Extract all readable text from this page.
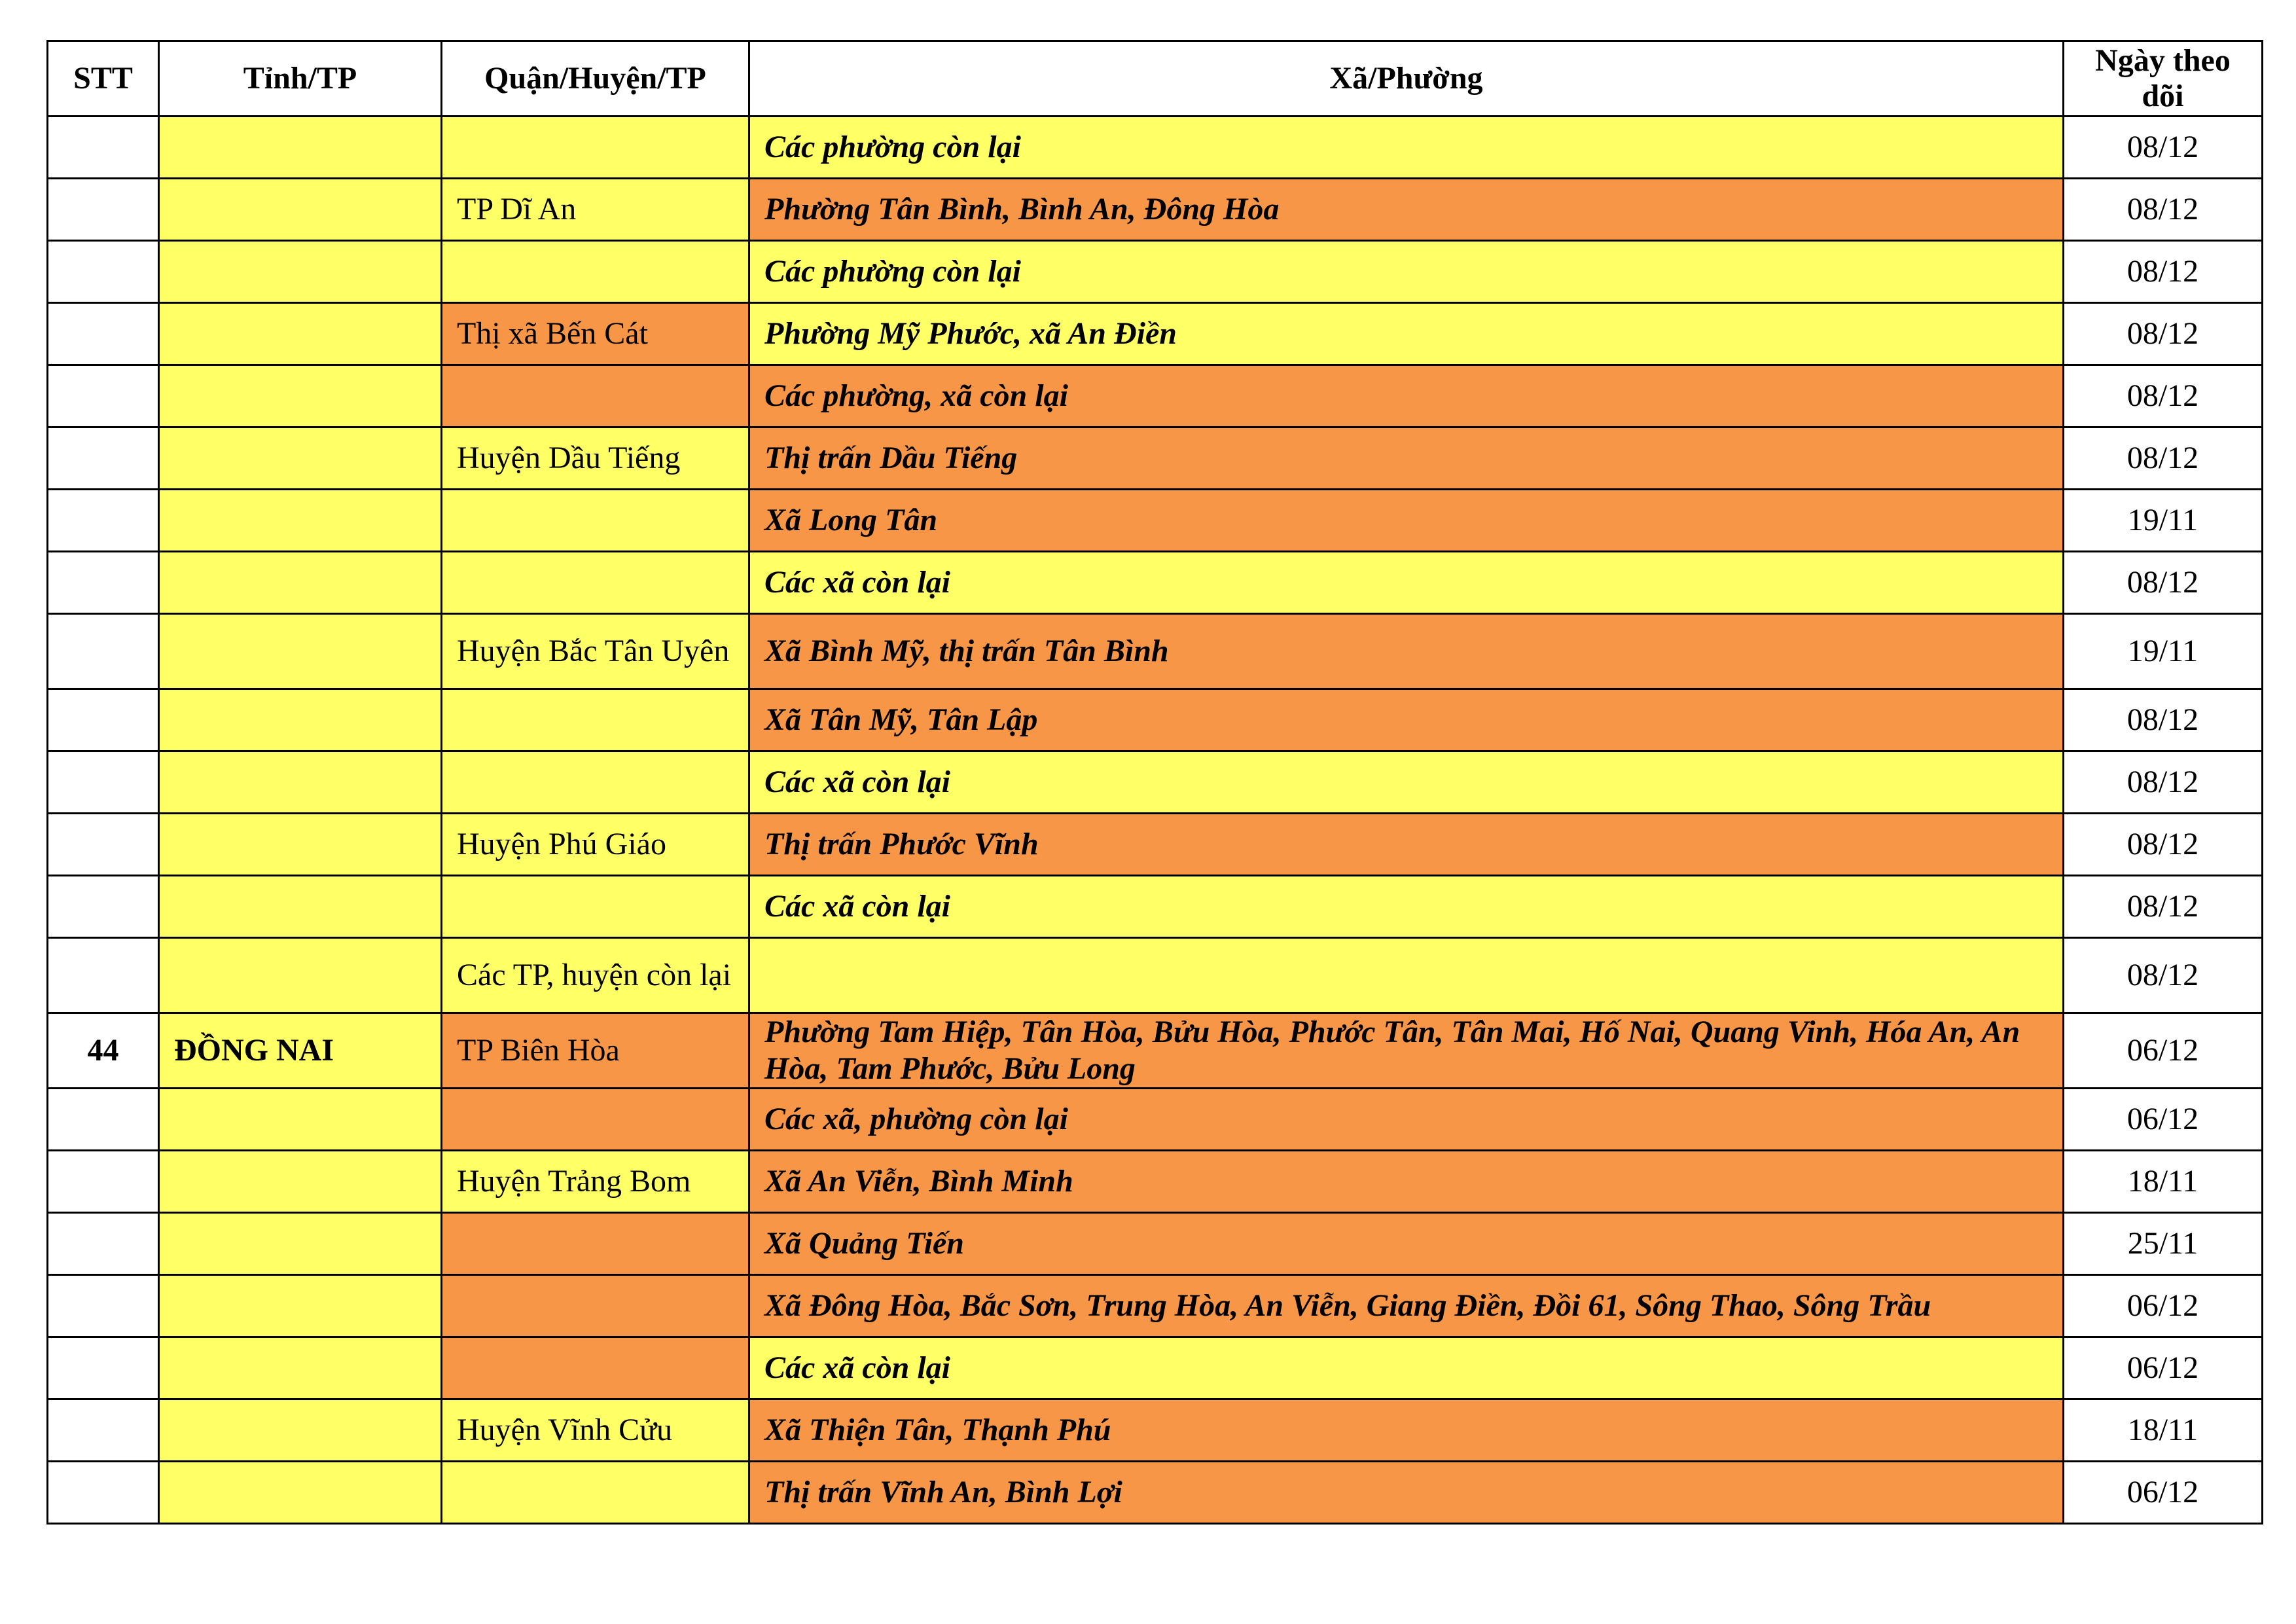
STT	Tỉnh/TP	Quận/Huyện/TP	Xã/Phường	Ngày theo dõi
			Các phường còn lại	08/12
		TP Dĩ An	Phường Tân Bình, Bình An, Đông Hòa	08/12
			Các phường còn lại	08/12
		Thị xã Bến Cát	Phường Mỹ Phước, xã An Điền	08/12
			Các phường, xã còn lại	08/12
		Huyện Dầu Tiếng	Thị trấn Dầu Tiếng	08/12
			Xã Long Tân	19/11
			Các xã còn lại	08/12
		Huyện Bắc Tân Uyên	Xã Bình Mỹ, thị trấn Tân Bình	19/11
			Xã Tân Mỹ, Tân Lập	08/12
			Các xã còn lại	08/12
		Huyện Phú Giáo	Thị trấn Phước Vĩnh	08/12
			Các xã còn lại	08/12
		Các TP, huyện còn lại		08/12
44	ĐỒNG NAI	TP Biên Hòa	Phường Tam Hiệp, Tân Hòa, Bửu Hòa, Phước Tân, Tân Mai, Hố Nai, Quang Vinh, Hóa An, An Hòa, Tam Phước, Bửu Long	06/12
			Các xã, phường còn lại	06/12
		Huyện Trảng Bom	Xã An Viễn, Bình Minh	18/11
			Xã Quảng Tiến	25/11
			Xã Đông Hòa, Bắc Sơn, Trung Hòa, An Viễn, Giang Điền, Đồi 61, Sông Thao, Sông Trầu	06/12
			Các xã còn lại	06/12
		Huyện Vĩnh Cửu	Xã Thiện Tân, Thạnh Phú	18/11
			Thị trấn Vĩnh An, Bình Lợi	06/12
